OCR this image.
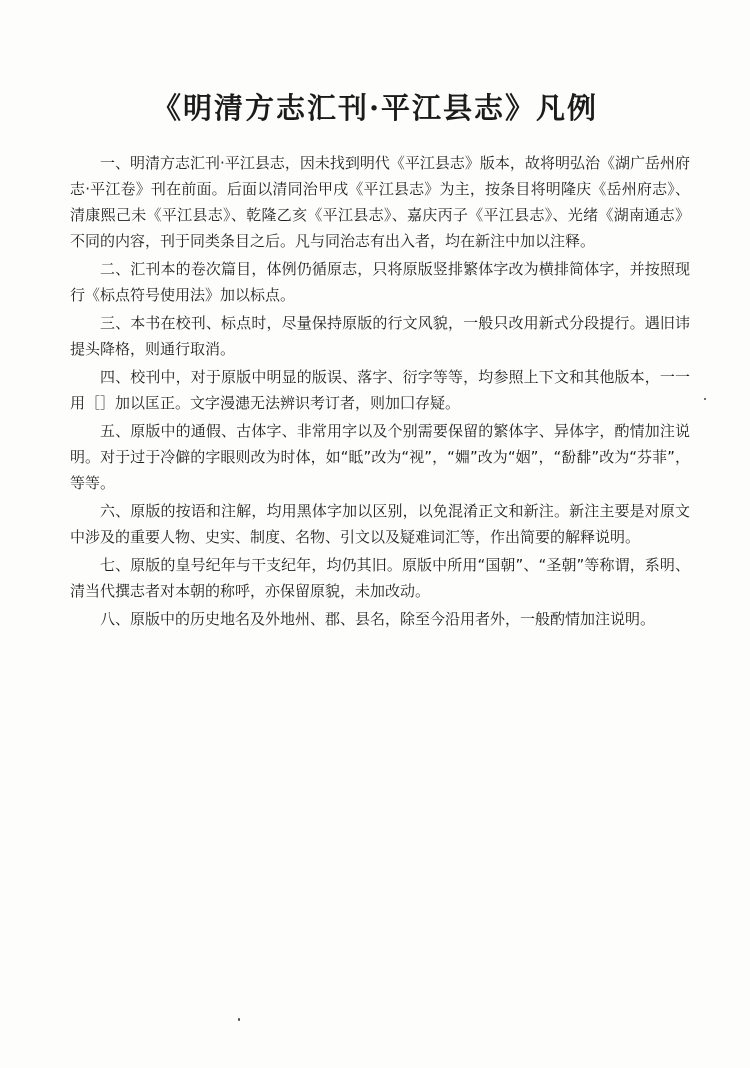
《明清方志汇刊·平江县志》凡例

一、明清方志汇刊·平江县志，因未找到明代《平江县志》版本，故将明弘治《湖广岳州府志·平江卷》刊在前面。后面以清同治甲戌《平江县志》为主，按条目将明隆庆《岳州府志》、清康熙己未《平江县志》、乾隆乙亥《平江县志》、嘉庆丙子《平江县志》、光绪《湖南通志》不同的内容，刊于同类条目之后。凡与同治志有出入者，均在新注中加以注释。

二、汇刊本的卷次篇目，体例仍循原志，只将原版竖排繁体字改为横排简体字，并按照现行《标点符号使用法》加以标点。

三、本书在校刊、标点时，尽量保持原版的行文风貌，一般只改用新式分段提行。遇旧讳提头降格，则通行取消。

四、校刊中，对于原版中明显的版误、落字、衍字等等，均参照上下文和其他版本，一一用［］加以匡正。文字漫漶无法辨识考订者，则加囗存疑。

五、原版中的通假、古体字、非常用字以及个别需要保留的繁体字、异体字，酌情加注说明。对于过于冷僻的字眼则改为时体，如“眡”改为“视”，“婣”改为“姻”，“馚馡”改为“芬菲”，等等。

六、原版的按语和注解，均用黑体字加以区别，以免混淆正文和新注。新注主要是对原文中涉及的重要人物、史实、制度、名物、引文以及疑难词汇等，作出简要的解释说明。

七、原版的皇号纪年与干支纪年，均仍其旧。原版中所用“国朝”、“圣朝”等称谓，系明、清当代撰志者对本朝的称呼，亦保留原貌，未加改动。

八、原版中的历史地名及外地州、郡、县名，除至今沿用者外，一般酌情加注说明。
